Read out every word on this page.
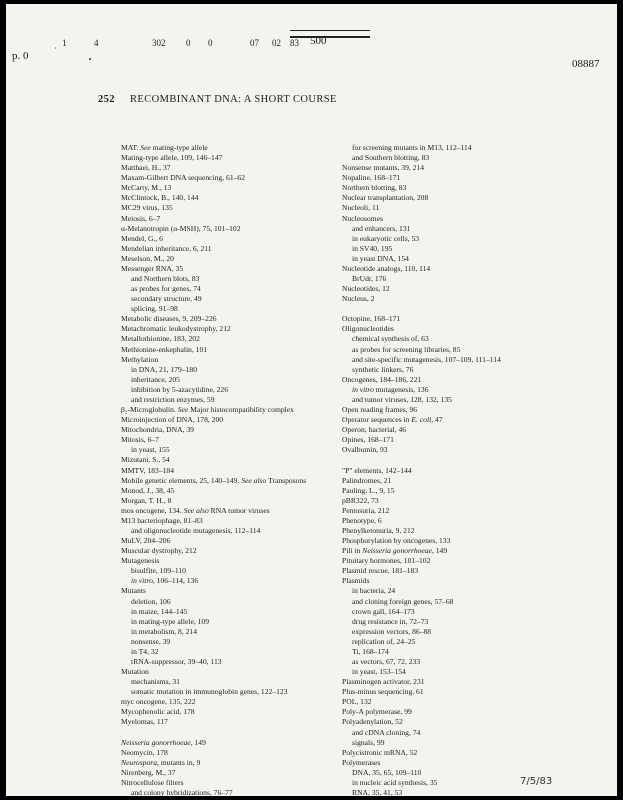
p. 0	·
·
1	4	302 0 0	07 02 83 500
08887
252 RECOMBINANT DNA: A SHORT COURSE
MAT. See mating-type allele
Mating-type allele, 109, 146–147
Matthaei, H., 37
Maxam-Gilbert DNA sequencing, 61–62
McCarty, M., 13
McClintock, B., 140, 144
MC29 virus, 135
Meiosis, 6–7
α-Melanotropin (α-MSH), 75, 101–102
Mendel, G., 6
Mendelian inheritance, 6, 211
Meselson, M., 20
Messenger RNA, 35
and Northern blots, 83
as probes for genes, 74
secondary structure, 49
splicing, 91–98
Metabolic diseases, 9, 209–226
Metachromatic leukodystrophy, 212
Metallothionine, 183, 202
Methionine-enkephalin, 101
Methylation
in DNA, 21, 179–180
inheritance, 205
inhibition by 5-azacytidine, 226
and restriction enzymes, 59
β₂-Microglobulin. See Major histocompatibility complex
Microinjection of DNA, 178, 200
Mitochondria, DNA, 39
Mitosis, 6–7
in yeast, 155
Mizutani, S., 54
MMTV, 183–184
Mobile genetic elements, 25, 140–149. See also Transposons
Monod, J., 38, 45
Morgan, T. H., 8
mos oncogene, 134. See also RNA tumor viruses
M13 bacteriophage, 81–83
and oligonucleotide mutagenesis, 112–114
MuLV, 204–206
Muscular dystrophy, 212
Mutagenesis
bisulfite, 109–110
in vitro, 106–114, 136
Mutants
deletion, 106
in maize, 144–145
in mating-type allele, 109
in metabolism, 8, 214
nonsense, 39
in T4, 32
tRNA-suppressor, 39–40, 113
Mutation
mechanisms, 31
somatic mutation in immunoglobin genes, 122–123
myc oncogene, 135, 222
Mycophenolic acid, 178
Myelomas, 117
Neisseria gonorrhoeae, 149
Neomycin, 178
Neurospora, mutants in, 9
Nirenberg, M., 37
Nitrocellulose filters
and colony hybridizations, 76–77
for screening mutants in M13, 112–114
and Southern blotting, 83
Nonsense mutants, 39, 214
Nopaline, 168–171
Northern blotting, 83
Nuclear transplantation, 208
Nucleoli, 11
Nucleosomes
and enhancers, 131
in eukaryotic cells, 53
in SV40, 195
in yeast DNA, 154
Nucleotide analogs, 110, 114
BrUdr, 176
Nucleotides, 12
Nucleus, 2
Octopine, 168–171
Oligonucleotides
chemical synthesis of, 63
as probes for screening libraries, 85
and site-specific mutagenesis, 107–109, 111–114
synthetic linkers, 76
Oncogenes, 184–186, 221
in vitro mutagenesis, 136
and tumor viruses, 128, 132, 135
Open reading frames, 96
Operator sequences in E. coli, 47
Operon, bacterial, 46
Opines, 168–171
Ovalbumin, 93
"P" elements, 142–144
Palindromes, 21
Pauling, L., 9, 15
pBR322, 73
Pentosuria, 212
Phenotype, 6
Phenylketonuria, 9, 212
Phosphorylation by oncogenes, 133
Pili in Neisseria gonorrhoeae, 149
Pituitary hormones, 101–102
Plasmid rescue, 181–183
Plasmids
in bacteria, 24
and cloning foreign genes, 57–68
crown gall, 164–173
drug resistance in, 72–73
expression vectors, 86–88
replication of, 24–25
Ti, 168–174
as vectors, 67, 72, 233
in yeast, 153–154
Plasminogen activator, 231
Plus-minus sequencing, 61
POL, 132
Poly-A polymerase, 99
Polyadenylation, 52
and cDNA cloning, 74
signals, 99
Polycistronic mRNA, 52
Polymerases
DNA, 35, 65, 109–110
in nucleic acid synthesis, 35
RNA, 35, 41, 53
7/5/83
